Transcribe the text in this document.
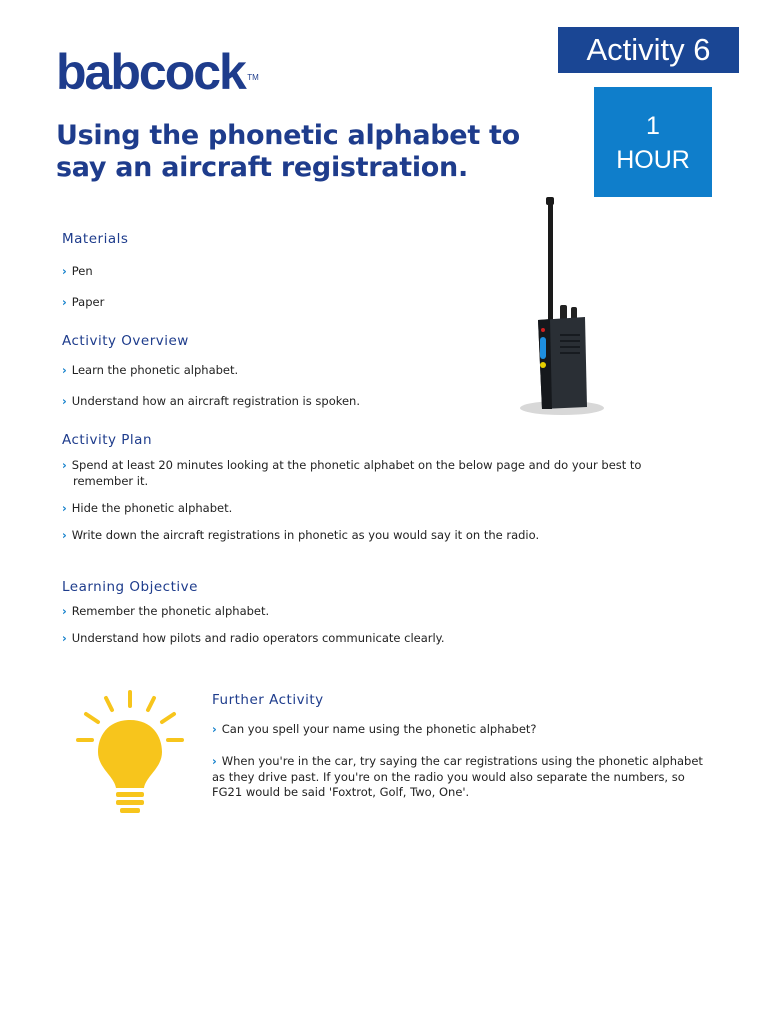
babcock TM
Activity 6
1
HOUR
Using the phonetic alphabet to say an aircraft registration.
Materials
› Pen
› Paper
Activity Overview
› Learn the phonetic alphabet.
› Understand how an aircraft registration is spoken.
Activity Plan
› Spend at least 20 minutes looking at the phonetic alphabet on the below page and do your best to
remember it.
› Hide the phonetic alphabet.
› Write down the aircraft registrations in phonetic as you would say it on the radio.
Learning Objective
› Remember the phonetic alphabet.
› Understand how pilots and radio operators communicate clearly.
Further Activity
› Can you spell your name using the phonetic alphabet?
› When you're in the car, try saying the car registrations using the phonetic alphabet
as they drive past. If you're on the radio you would also separate the numbers, so
FG21 would be said 'Foxtrot, Golf, Two, One'.
